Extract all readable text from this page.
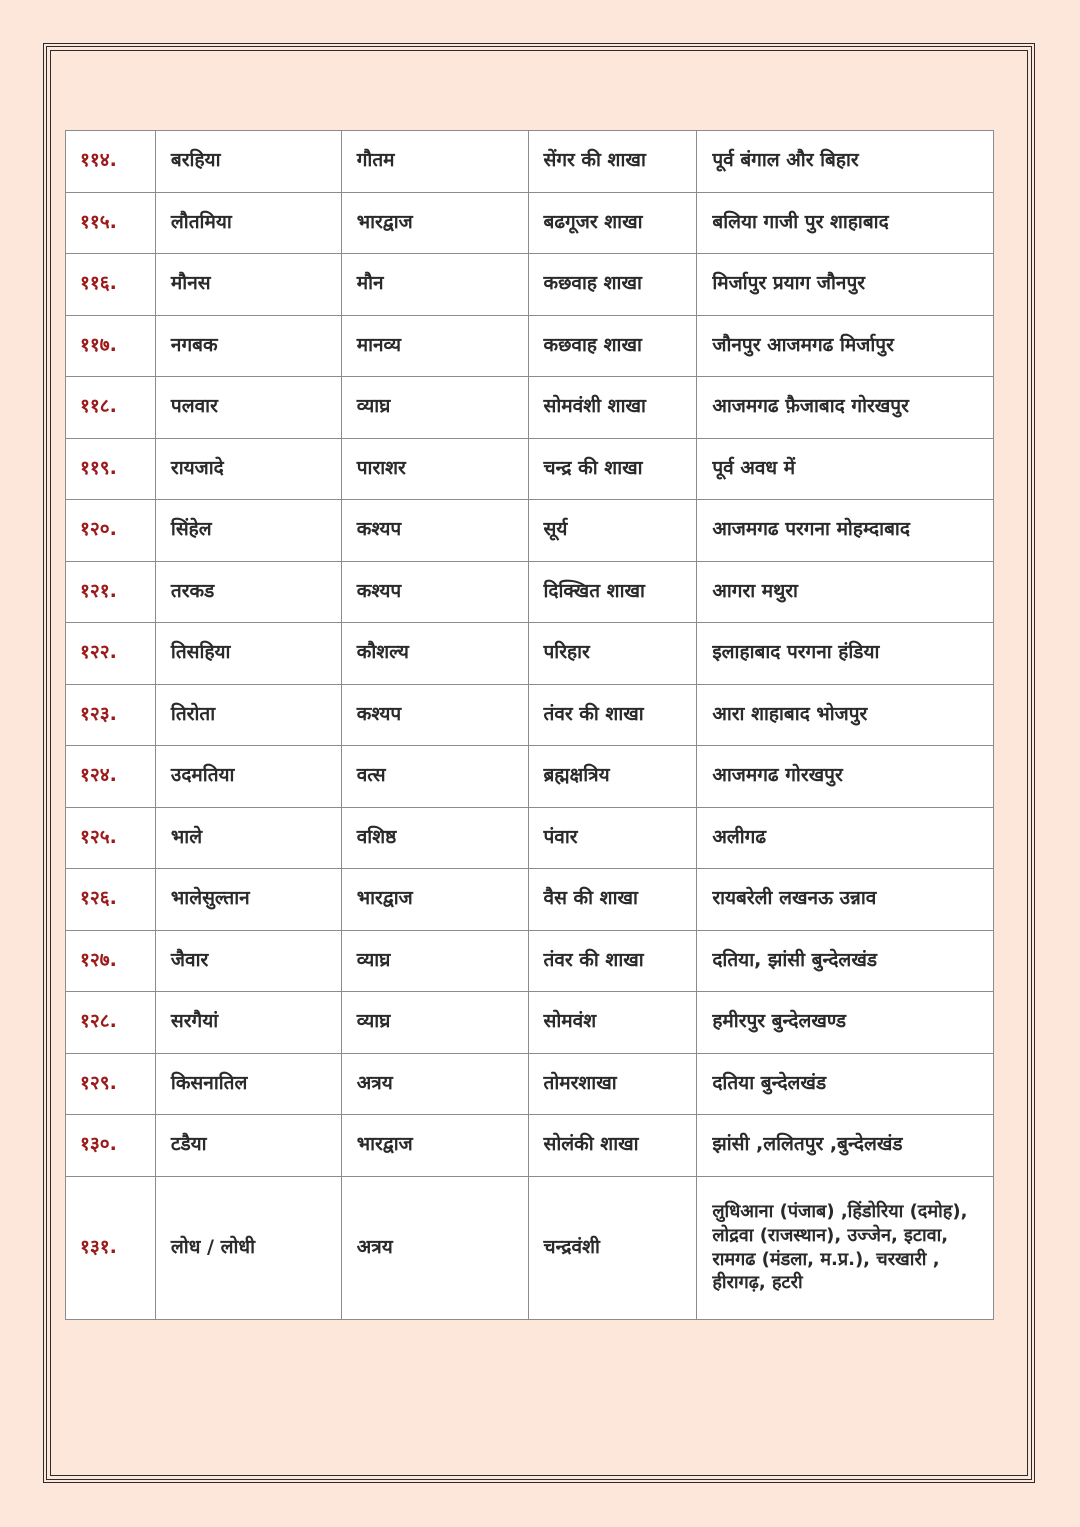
११४.	बरहिया	गौतम	सेंगर की शाखा	पूर्व बंगाल और बिहार
११५.	लौतमिया	भारद्वाज	बढगूजर शाखा	बलिया गाजी पुर शाहाबाद
११६.	मौनस	मौन	कछवाह शाखा	मिर्जापुर प्रयाग जौनपुर
११७.	नगबक	मानव्य	कछवाह शाखा	जौनपुर आजमगढ मिर्जापुर
११८.	पलवार	व्याघ्र	सोमवंशी शाखा	आजमगढ फ़ैजाबाद गोरखपुर
११९.	रायजादे	पाराशर	चन्द्र की शाखा	पूर्व अवध में
१२०.	सिंहेल	कश्यप	सूर्य	आजमगढ परगना मोहम्दाबाद
१२१.	तरकड	कश्यप	दिक्खित शाखा	आगरा मथुरा
१२२.	तिसहिया	कौशल्य	परिहार	इलाहाबाद परगना हंडिया
१२३.	तिरोता	कश्यप	तंवर की शाखा	आरा शाहाबाद भोजपुर
१२४.	उदमतिया	वत्स	ब्रह्मक्षत्रिय	आजमगढ गोरखपुर
१२५.	भाले	वशिष्ठ	पंवार	अलीगढ
१२६.	भालेसुल्तान	भारद्वाज	वैस की शाखा	रायबरेली लखनऊ उन्नाव
१२७.	जैवार	व्याघ्र	तंवर की शाखा	दतिया, झांसी बुन्देलखंड
१२८.	सरगैयां	व्याघ्र	सोमवंश	हमीरपुर बुन्देलखण्ड
१२९.	किसनातिल	अत्रय	तोमरशाखा	दतिया बुन्देलखंड
१३०.	टडैया	भारद्वाज	सोलंकी शाखा	झांसी ,ललितपुर ,बुन्देलखंड
१३१.	लोध / लोधी	अत्रय	चन्द्रवंशी	लुधिआना (पंजाब) ,हिंडोरिया (दमोह), लोद्रवा (राजस्थान), उज्जेन, इटावा, रामगढ (मंडला, म.प्र.), चरखारी , हीरागढ़, हटरी
